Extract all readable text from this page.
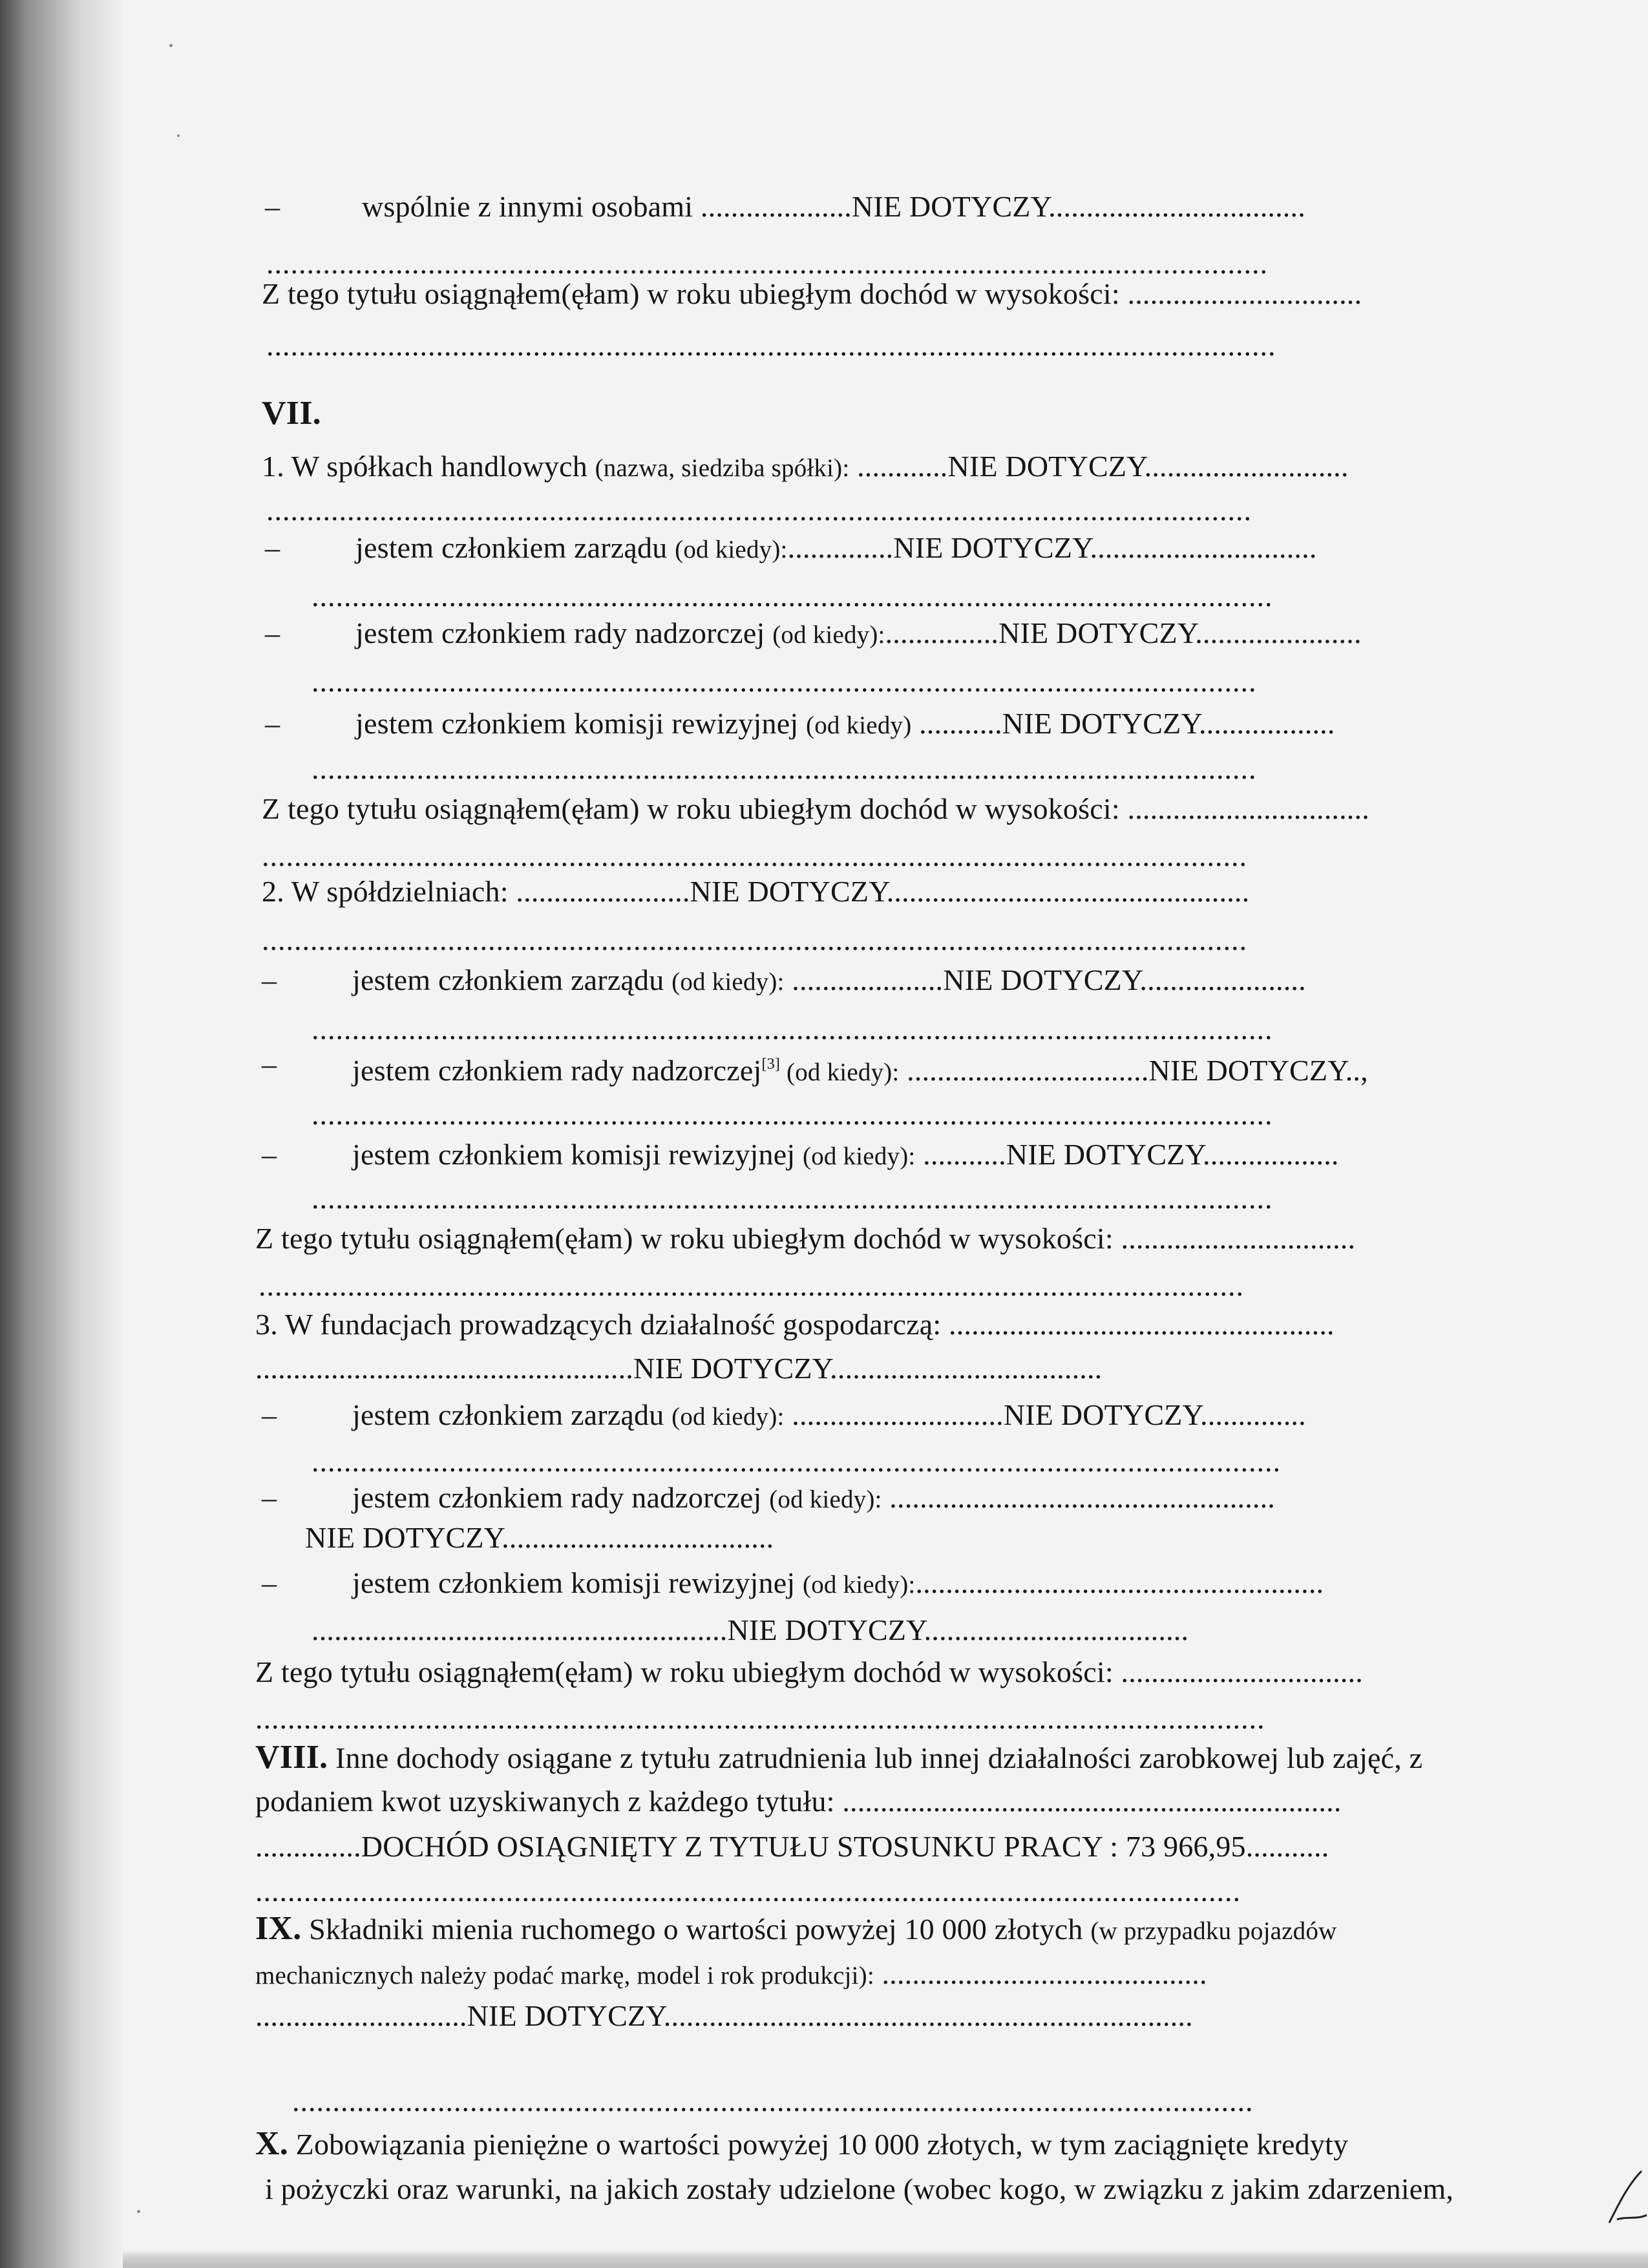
–	wspólnie z innymi osobami ....................NIE DOTYCZY..................................
............................................................................................................................
Z tego tytułu osiągnąłem(ęłam) w roku ubiegłym dochód w wysokości: ...............................
.............................................................................................................................
VII.
1. W spółkach handlowych (nazwa, siedziba spółki): ............NIE DOTYCZY...........................
..........................................................................................................................
–	jestem członkiem zarządu (od kiedy):..............NIE DOTYCZY..............................
.......................................................................................................................
–	jestem członkiem rady nadzorczej (od kiedy):...............NIE DOTYCZY......................
.....................................................................................................................
–	jestem członkiem komisji rewizyjnej (od kiedy) ...........NIE DOTYCZY..................
.....................................................................................................................
Z tego tytułu osiągnąłem(ęłam) w roku ubiegłym dochód w wysokości: ................................
..........................................................................................................................
2. W spółdzielniach: .......................NIE DOTYCZY................................................
..........................................................................................................................
–	jestem członkiem zarządu (od kiedy): ....................NIE DOTYCZY......................
.......................................................................................................................
–	jestem członkiem rady nadzorczej[3] (od kiedy): ................................NIE DOTYCZY..,
.......................................................................................................................
–	jestem członkiem komisji rewizyjnej (od kiedy): ...........NIE DOTYCZY..................
.......................................................................................................................
Z tego tytułu osiągnąłem(ęłam) w roku ubiegłym dochód w wysokości: ...............................
..........................................................................................................................
3. W fundacjach prowadzących działalność gospodarczą: ...................................................
..................................................NIE DOTYCZY....................................
–	jestem członkiem zarządu (od kiedy): ............................NIE DOTYCZY..............
........................................................................................................................
–	jestem członkiem rady nadzorczej (od kiedy): ...................................................
NIE DOTYCZY....................................
–	jestem członkiem komisji rewizyjnej (od kiedy):......................................................
.......................................................NIE DOTYCZY...................................
Z tego tytułu osiągnąłem(ęłam) w roku ubiegłym dochód w wysokości: ................................
.............................................................................................................................
VIII. Inne dochody osiągane z tytułu zatrudnienia lub innej działalności zarobkowej lub zajęć, z
podaniem kwot uzyskiwanych z każdego tytułu: ..................................................................
..............DOCHÓD OSIĄGNIĘTY Z TYTUŁU STOSUNKU PRACY : 73 966,95...........
..........................................................................................................................
IX. Składniki mienia ruchomego o wartości powyżej 10 000 złotych (w przypadku pojazdów
mechanicznych należy podać markę, model i rok produkcji): ...........................................
............................NIE DOTYCZY......................................................................
.......................................................................................................................
X. Zobowiązania pieniężne o wartości powyżej 10 000 złotych, w tym zaciągnięte kredyty
i pożyczki oraz warunki, na jakich zostały udzielone (wobec kogo, w związku z jakim zdarzeniem,
